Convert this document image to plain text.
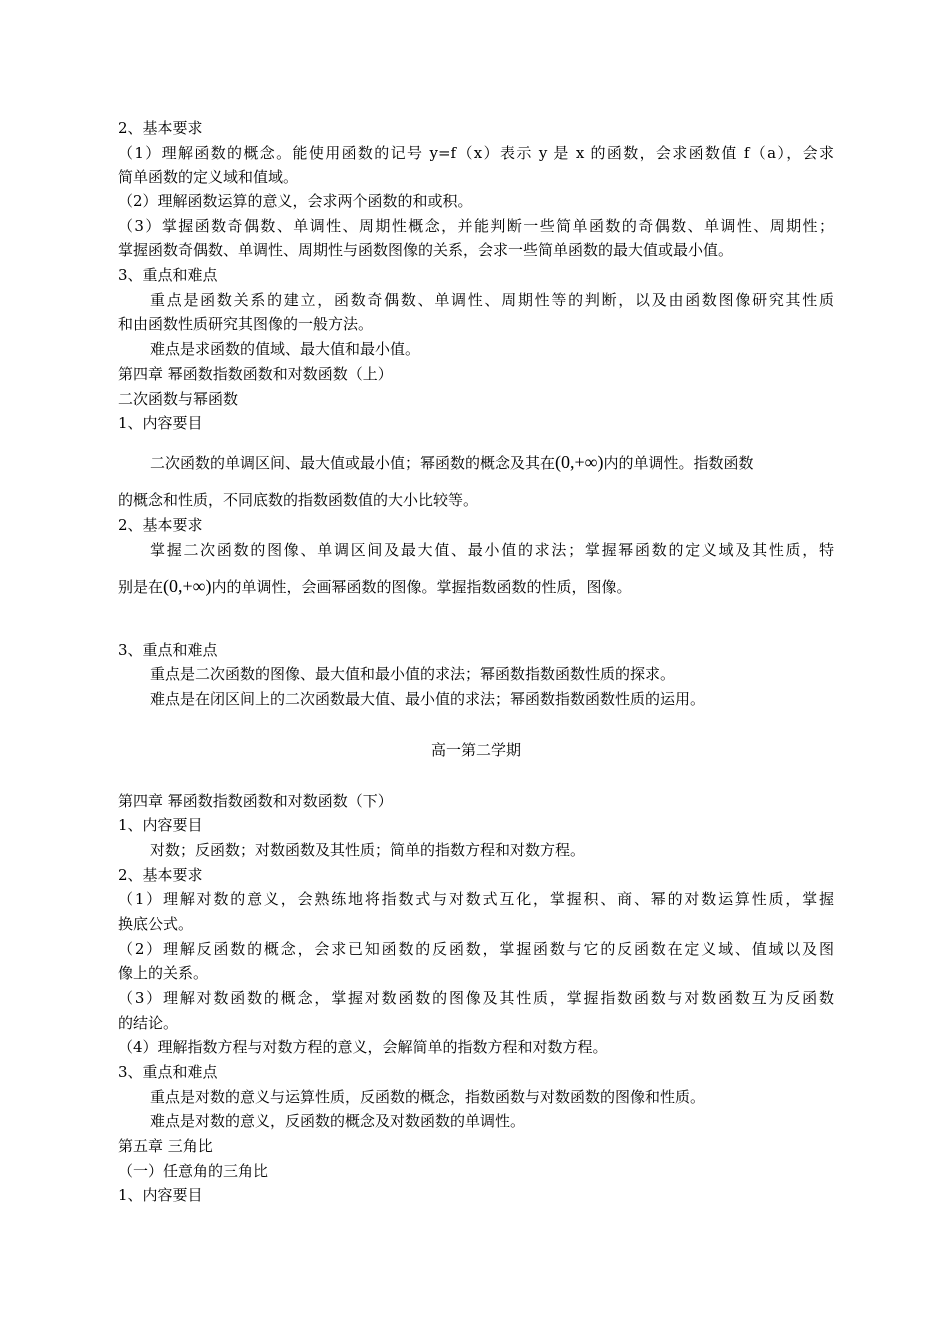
2、基本要求
（1）理解函数的概念。能使用函数的记号 y=f（x）表示 y 是 x 的函数，会求函数值 f（a），会求
简单函数的定义域和值域。
（2）理解函数运算的意义，会求两个函数的和或积。
（3）掌握函数奇偶数、单调性、周期性概念，并能判断一些简单函数的奇偶数、单调性、周期性；
掌握函数奇偶数、单调性、周期性与函数图像的关系，会求一些简单函数的最大值或最小值。
3、重点和难点
重点是函数关系的建立，函数奇偶数、单调性、周期性等的判断，以及由函数图像研究其性质
和由函数性质研究其图像的一般方法。
难点是求函数的值域、最大值和最小值。
第四章 幂函数指数函数和对数函数（上）
二次函数与幂函数
1、内容要目
二次函数的单调区间、最大值或最小值；幂函数的概念及其在(0,+∞)内的单调性。指数函数
的概念和性质，不同底数的指数函数值的大小比较等。
2、基本要求
掌握二次函数的图像、单调区间及最大值、最小值的求法；掌握幂函数的定义域及其性质，特
别是在(0,+∞)内的单调性，会画幂函数的图像。掌握指数函数的性质，图像。
3、重点和难点
重点是二次函数的图像、最大值和最小值的求法；幂函数指数函数性质的探求。
难点是在闭区间上的二次函数最大值、最小值的求法；幂函数指数函数性质的运用。
高一第二学期
第四章 幂函数指数函数和对数函数（下）
1、内容要目
对数；反函数；对数函数及其性质；简单的指数方程和对数方程。
2、基本要求
（1）理解对数的意义，会熟练地将指数式与对数式互化，掌握积、商、幂的对数运算性质，掌握
换底公式。
（2）理解反函数的概念，会求已知函数的反函数，掌握函数与它的反函数在定义域、值域以及图
像上的关系。
（3）理解对数函数的概念，掌握对数函数的图像及其性质，掌握指数函数与对数函数互为反函数
的结论。
（4）理解指数方程与对数方程的意义，会解简单的指数方程和对数方程。
3、重点和难点
重点是对数的意义与运算性质，反函数的概念，指数函数与对数函数的图像和性质。
难点是对数的意义，反函数的概念及对数函数的单调性。
第五章 三角比
（一）任意角的三角比
1、内容要目
